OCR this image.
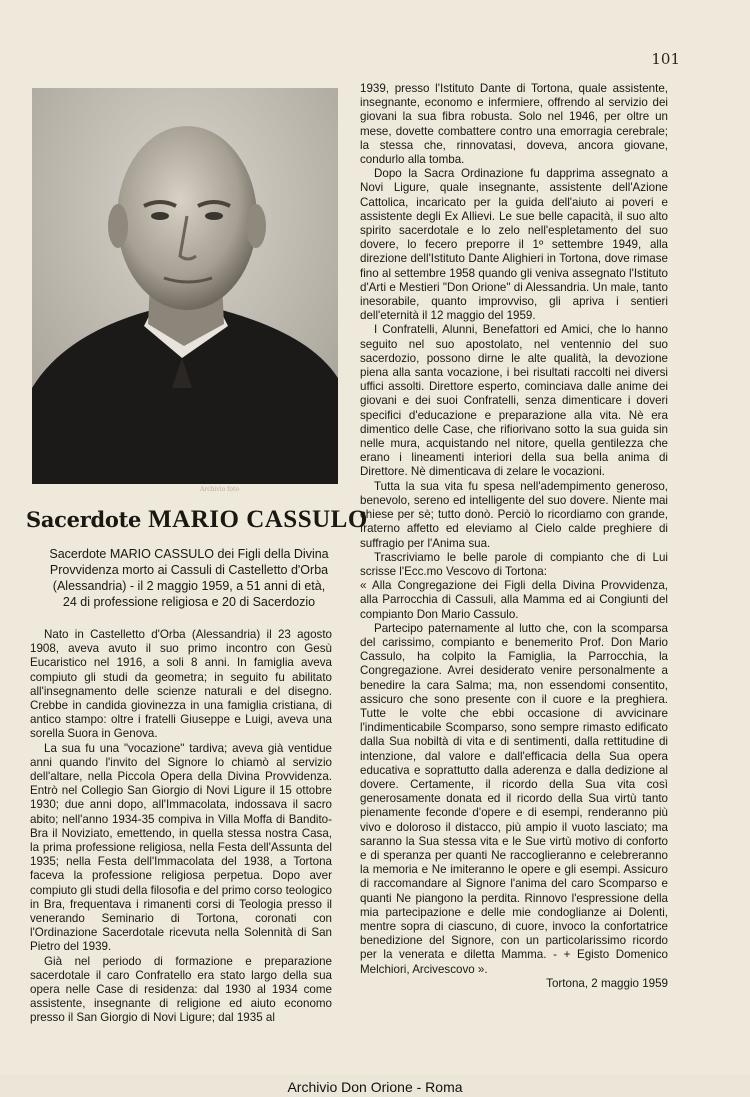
101
Archivio foto
Sacerdote MARIO CASSULO
Sacerdote MARIO CASSULO dei Figli della Divina Provvidenza morto ai Cassuli di Castelletto d'Orba (Alessandria) - il 2 maggio 1959, a 51 anni di età, 24 di professione religiosa e 20 di Sacerdozio

Nato in Castelletto d'Orba (Alessandria) il 23 agosto 1908, aveva avuto il suo primo incontro con Gesù Eucaristico nel 1916, a soli 8 anni. In famiglia aveva compiuto gli studi da geometra; in seguito fu abilitato all'insegnamento delle scienze naturali e del disegno. Crebbe in candida giovinezza in una famiglia cristiana, di antico stampo: oltre i fratelli Giuseppe e Luigi, aveva una sorella Suora in Genova.

La sua fu una "vocazione" tardiva; aveva già ventidue anni quando l'invito del Signore lo chiamò al servizio dell'altare, nella Piccola Opera della Divina Provvidenza. Entrò nel Collegio San Giorgio di Novi Ligure il 15 ottobre 1930; due anni dopo, all'Immacolata, indossava il sacro abito; nell'anno 1934-35 compiva in Villa Moffa di Bandito-Bra il Noviziato, emettendo, in quella stessa nostra Casa, la prima professione religiosa, nella Festa dell'Assunta del 1935; nella Festa dell'Immacolata del 1938, a Tortona faceva la professione religiosa perpetua. Dopo aver compiuto gli studi della filosofia e del primo corso teologico in Bra, frequentava i rimanenti corsi di Teologia presso il venerando Seminario di Tortona, coronati con l'Ordinazione Sacerdotale ricevuta nella Solennità di San Pietro del 1939.

Già nel periodo di formazione e preparazione sacerdotale il caro Confratello era stato largo della sua opera nelle Case di residenza: dal 1930 al 1934 come assistente, insegnante di religione ed aiuto economo presso il San Giorgio di Novi Ligure; dal 1935 al

1939, presso l'Istituto Dante di Tortona, quale assistente, insegnante, economo e infermiere, offrendo al servizio dei giovani la sua fibra robusta. Solo nel 1946, per oltre un mese, dovette combattere contro una emorragia cerebrale; la stessa che, rinnovatasi, doveva, ancora giovane, condurlo alla tomba.

Dopo la Sacra Ordinazione fu dapprima assegnato a Novi Ligure, quale insegnante, assistente dell'Azione Cattolica, incaricato per la guida dell'aiuto ai poveri e assistente degli Ex Allievi. Le sue belle capacità, il suo alto spirito sacerdotale e lo zelo nell'espletamento del suo dovere, lo fecero preporre il 1º settembre 1949, alla direzione dell'Istituto Dante Alighieri in Tortona, dove rimase fino al settembre 1958 quando gli veniva assegnato l'Istituto d'Arti e Mestieri "Don Orione" di Alessandria. Un male, tanto inesorabile, quanto improvviso, gli apriva i sentieri dell'eternità il 12 maggio del 1959.

I Confratelli, Alunni, Benefattori ed Amici, che lo hanno seguito nel suo apostolato, nel ventennio del suo sacerdozio, possono dirne le alte qualità, la devozione piena alla santa vocazione, i bei risultati raccolti nei diversi uffici assolti. Direttore esperto, cominciava dalle anime dei giovani e dei suoi Confratelli, senza dimenticare i doveri specifici d'educazione e preparazione alla vita. Nè era dimentico delle Case, che rifiorivano sotto la sua guida sin nelle mura, acquistando nel nitore, quella gentilezza che erano i lineamenti interiori della sua bella anima di Direttore. Nè dimenticava di zelare le vocazioni.

Tutta la sua vita fu spesa nell'adempimento generoso, benevolo, sereno ed intelligente del suo dovere. Niente mai chiese per sè; tutto donò. Perciò lo ricordiamo con grande, fraterno affetto ed eleviamo al Cielo calde preghiere di suffragio per l'Anima sua.

Trascriviamo le belle parole di compianto che di Lui scrisse l'Ecc.mo Vescovo di Tortona:

« Alla Congregazione dei Figli della Divina Provvidenza, alla Parrocchia di Cassuli, alla Mamma ed ai Congiunti del compianto Don Mario Cassulo.

Partecipo paternamente al lutto che, con la scomparsa del carissimo, compianto e benemerito Prof. Don Mario Cassulo, ha colpito la Famiglia, la Parrocchia, la Congregazione. Avrei desiderato venire personalmente a benedire la cara Salma; ma, non essendomi consentito, assicuro che sono presente con il cuore e la preghiera. Tutte le volte che ebbi occasione di avvicinare l'indimenticabile Scomparso, sono sempre rimasto edificato dalla Sua nobiltà di vita e di sentimenti, dalla rettitudine di intenzione, dal valore e dall'efficacia della Sua opera educativa e soprattutto dalla aderenza e dalla dedizione al dovere. Certamente, il ricordo della Sua vita così generosamente donata ed il ricordo della Sua virtù tanto pienamente feconde d'opere e di esempi, renderanno più vivo e doloroso il distacco, più ampio il vuoto lasciato; ma saranno la Sua stessa vita e le Sue virtù motivo di conforto e di speranza per quanti Ne raccoglieranno e celebreranno la memoria e Ne imiteranno le opere e gli esempi. Assicuro di raccomandare al Signore l'anima del caro Scomparso e quanti Ne piangono la perdita. Rinnovo l'espressione della mia partecipazione e delle mie condoglianze ai Dolenti, mentre sopra di ciascuno, di cuore, invoco la confortatrice benedizione del Signore, con un particolarissimo ricordo per la venerata e diletta Mamma. - + Egisto Domenico Melchiori, Arcivescovo ».

Tortona, 2 maggio 1959

Archivio Don Orione - Roma
